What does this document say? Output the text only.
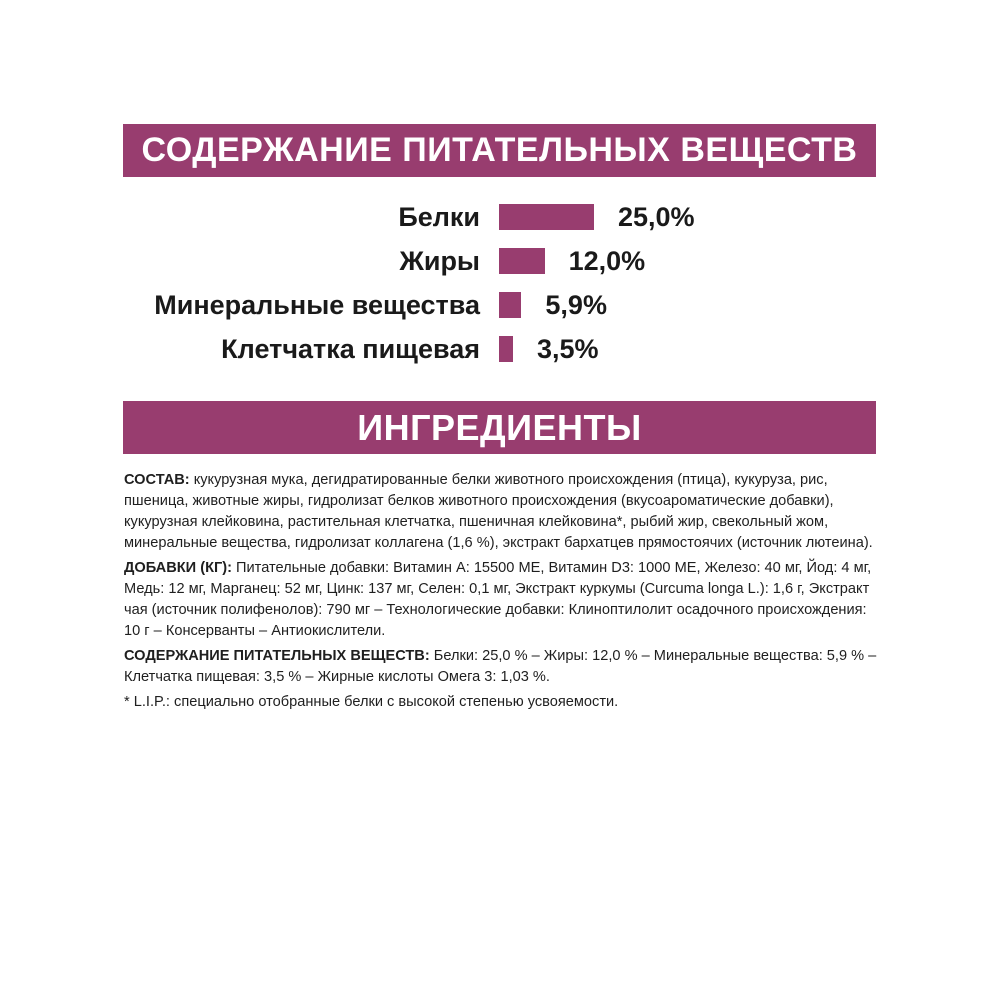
СОДЕРЖАНИЕ ПИТАТЕЛЬНЫХ ВЕЩЕСТВ
Белки	25,0%
Жиры	12,0%
Минеральные вещества 5,9%
Клетчатка пищевая 3,5%
ИНГРЕДИЕНТЫ

СОСТАВ: кукурузная мука, дегидратированные белки животного происхождения (птица), кукуруза, рис, пшеница, животные жиры, гидролизат белков животного происхождения (вкусоароматические добавки), кукурузная клейковина, растительная клетчатка, пшеничная клейковина*, рыбий жир, свекольный жом, минеральные вещества, гидролизат коллагена (1,6 %), экстракт бархатцев прямостоячих (источник лютеина).

ДОБАВКИ (КГ): Питательные добавки: Витамин A: 15500 МЕ, Витамин D3: 1000 МЕ, Железо: 40 мг, Йод: 4 мг, Медь: 12 мг, Марганец: 52 мг, Цинк: 137 мг, Селен: 0,1 мг, Экстракт куркумы (Curcuma longa L.): 1,6 г, Экстракт чая (источник полифенолов): 790 мг – Технологические добавки: Клиноптилолит осадочного происхождения: 10 г – Консерванты – Антиокислители.

СОДЕРЖАНИЕ ПИТАТЕЛЬНЫХ ВЕЩЕСТВ: Белки: 25,0 % – Жиры: 12,0 % – Минеральные вещества: 5,9 % – Клетчатка пищевая: 3,5 % – Жирные кислоты Омега 3: 1,03 %.

* L.I.P.: специально отобранные белки с высокой степенью усвояемости.
